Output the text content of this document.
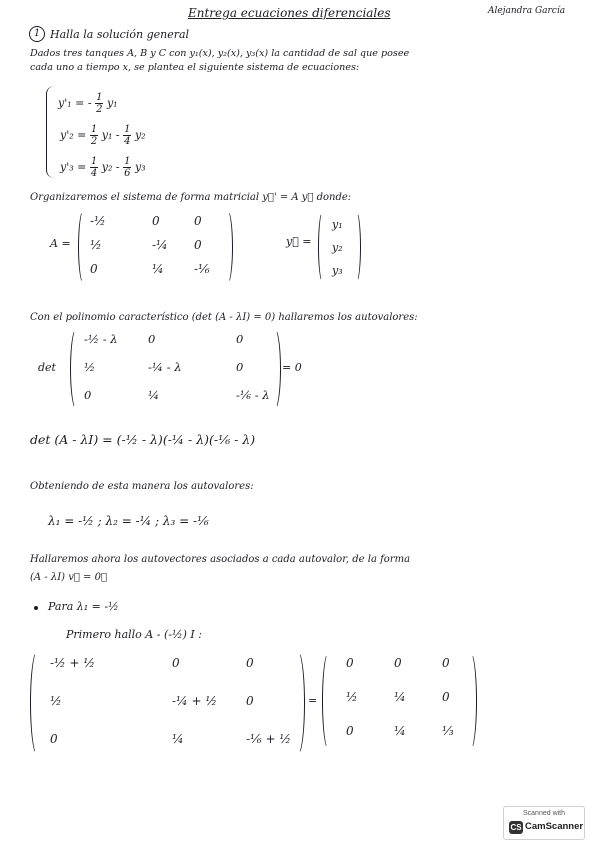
Entrega ecuaciones diferenciales	Alejandra García
1 Halla la solución general
Dados tres tanques A, B y C con y₁(x), y₂(x), y₃(x) la cantidad de sal que posee
cada uno a tiempo x, se plantea el siguiente sistema de ecuaciones:
y'₁ = - $\frac{1}{2} y_1$
$y'_2 = \frac{1}{2} y_1 - \frac{1}{4} y_2$
$y'_3 = \frac{1}{4} y_2 - \frac{1}{6} y_3$
Organizaremos el sistema de forma matricial y⃗' = A y⃗ donde:
A =
-½	0	0
½	-¼ 0
0	¼	-⅙
y⃗ =
y₁
y₂
y₃
Con el polinomio característico (det (A - λI) = 0) hallaremos los autovalores:
det
-½ - λ	0	0
½	-¼ - λ	0
0	¼	-⅙ - λ
= 0
det (A - λI) = (-½ - λ)(-¼ - λ)(-⅙ - λ)
Obteniendo de esta manera los autovalores:
λ₁ = -½ ; λ₂ = -¼ ; λ₃ = -⅙
Hallaremos ahora los autovectores asociados a cada autovalor, de la forma
(A - λI) v⃗ = 0⃗
Para λ₁ = -½
Primero hallo A - (-½) I :
-½ + ½	0	0
½	-¼ + ½ 0
0	¼	-⅙ + ½
=
0	0	0
½	¼	0
0	¼	⅓
Scanned with
CS CamScanner
